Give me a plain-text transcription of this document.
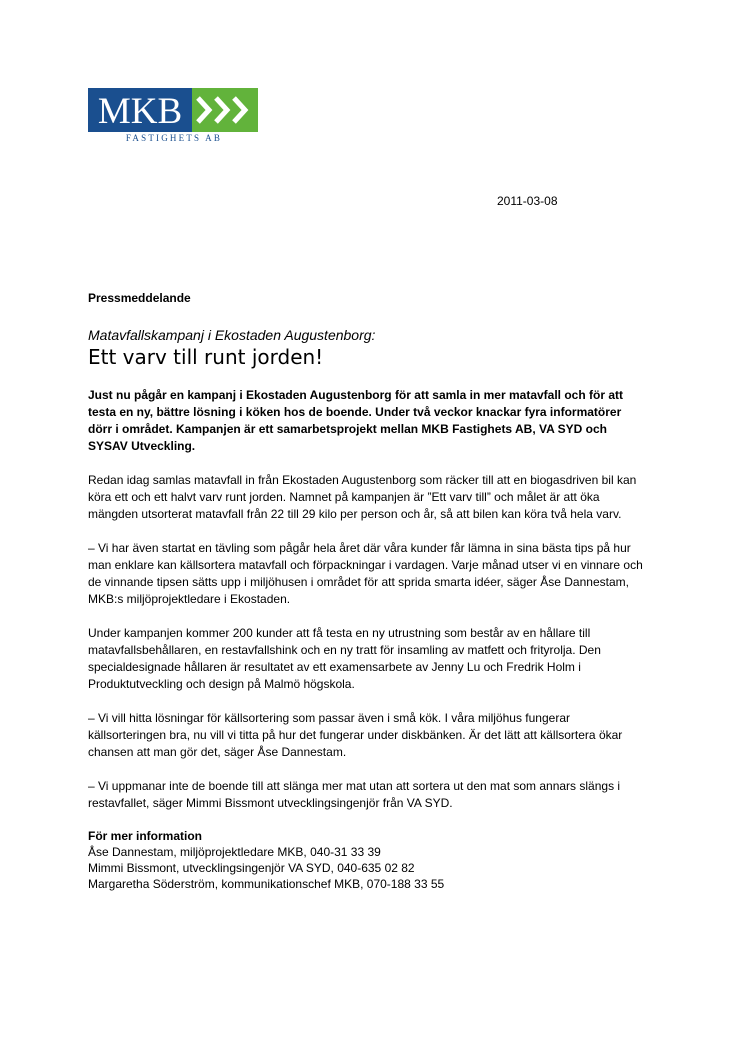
MKB
FASTIGHETS AB
2011-03-08

Pressmeddelande

Matavfallskampanj i Ekostaden Augustenborg:

Ett varv till runt jorden!

Just nu pågår en kampanj i Ekostaden Augustenborg för att samla in mer matavfall och för att testa en ny, bättre lösning i köken hos de boende. Under två veckor knackar fyra informatörer dörr i området. Kampanjen är ett samarbetsprojekt mellan MKB Fastighets AB, VA SYD och SYSAV Utveckling.

Redan idag samlas matavfall in från Ekostaden Augustenborg som räcker till att en biogasdriven bil kan köra ett och ett halvt varv runt jorden. Namnet på kampanjen är ”Ett varv till” och målet är att öka mängden utsorterat matavfall från 22 till 29 kilo per person och år, så att bilen kan köra två hela varv.

– Vi har även startat en tävling som pågår hela året där våra kunder får lämna in sina bästa tips på hur man enklare kan källsortera matavfall och förpackningar i vardagen. Varje månad utser vi en vinnare och de vinnande tipsen sätts upp i miljöhusen i området för att sprida smarta idéer, säger Åse Dannestam, MKB:s miljöprojektledare i Ekostaden.

Under kampanjen kommer 200 kunder att få testa en ny utrustning som består av en hållare till matavfallsbehållaren, en restavfallshink och en ny tratt för insamling av matfett och frityrolja. Den specialdesignade hållaren är resultatet av ett examensarbete av Jenny Lu och Fredrik Holm i Produktutveckling och design på Malmö högskola.

– Vi vill hitta lösningar för källsortering som passar även i små kök. I våra miljöhus fungerar källsorteringen bra, nu vill vi titta på hur det fungerar under diskbänken. Är det lätt att källsortera ökar chansen att man gör det, säger Åse Dannestam.

– Vi uppmanar inte de boende till att slänga mer mat utan att sortera ut den mat som annars slängs i restavfallet, säger Mimmi Bissmont utvecklingsingenjör från VA SYD.

För mer information

Åse Dannestam, miljöprojektledare MKB, 040-31 33 39

Mimmi Bissmont, utvecklingsingenjör VA SYD, 040-635 02 82

Margaretha Söderström, kommunikationschef MKB, 070-188 33 55
